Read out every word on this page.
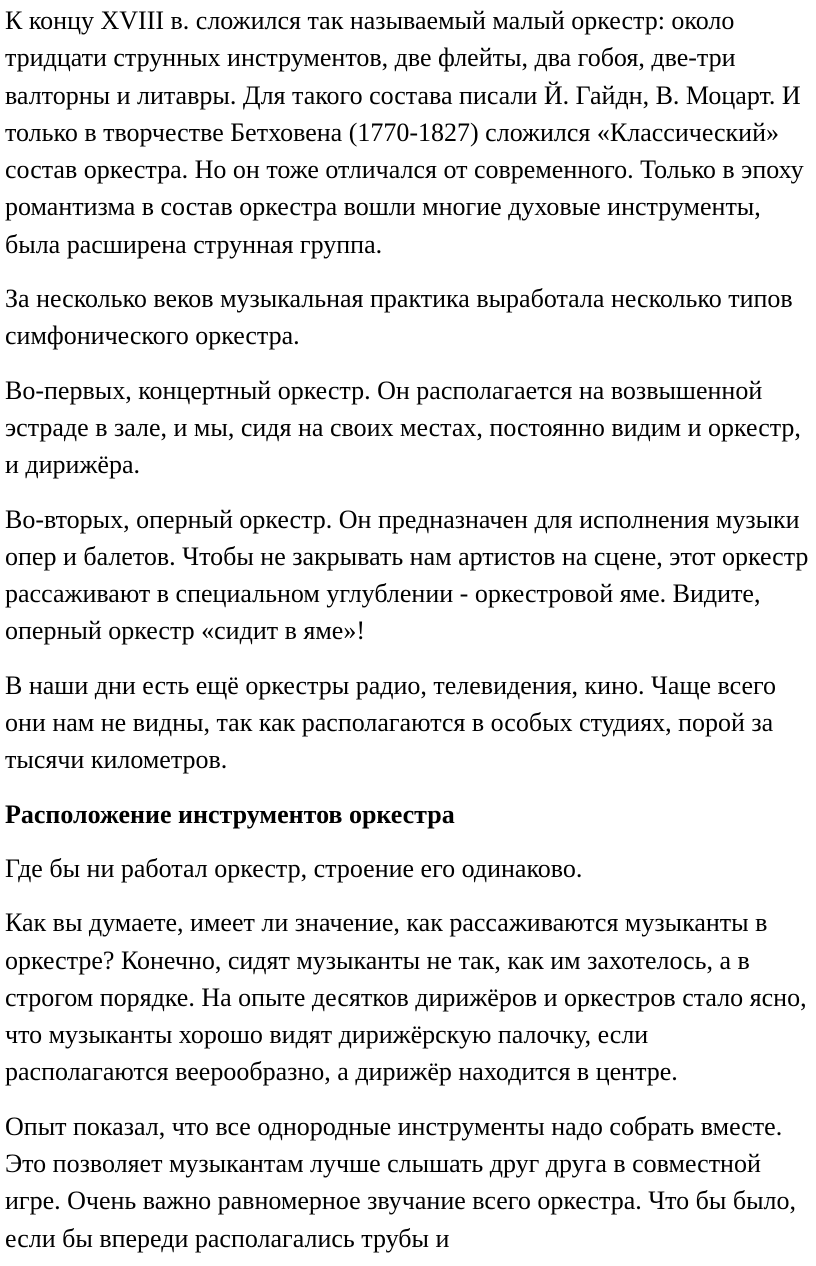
К концу XVIII в. сложился так называемый малый оркестр: около тридцати струнных инструментов, две флейты, два гобоя, две-три валторны и литавры. Для такого состава писали Й. Гайдн, В. Моцарт. И только в творчестве Бетховена (1770-1827) сложился «Классический» состав оркестра. Но он тоже отличался от современного. Только в эпоху романтизма в состав оркестра вошли многие духовые инструменты, была расширена струнная группа.

За несколько веков музыкальная практика выработала несколько типов симфонического оркестра.

Во-первых, концертный оркестр. Он располагается на возвышенной эстраде в зале, и мы, сидя на своих местах, постоянно видим и оркестр, и дирижёра.

Во-вторых, оперный оркестр. Он предназначен для исполнения музыки опер и балетов. Чтобы не закрывать нам артистов на сцене, этот оркестр рассаживают в специальном углублении - оркестровой яме. Видите, оперный оркестр «сидит в яме»!

В наши дни есть ещё оркестры радио, телевидения, кино. Чаще всего они нам не видны, так как располагаются в особых студиях, порой за тысячи километров.

Расположение инструментов оркестра

Где бы ни работал оркестр, строение его одинаково.

Как вы думаете, имеет ли значение, как рассаживаются музыканты в оркестре? Конечно, сидят музыканты не так, как им захотелось, а в строгом порядке. На опыте десятков дирижёров и оркестров стало ясно, что музыканты хорошо видят дирижёрскую палочку, если располагаются веерообразно, а дирижёр находится в центре.

Опыт показал, что все однородные инструменты надо собрать вместе. Это позволяет музыкантам лучше слышать друг друга в совместной игре. Очень важно равномерное звучание всего оркестра. Что бы было, если бы впереди располагались трубы и
